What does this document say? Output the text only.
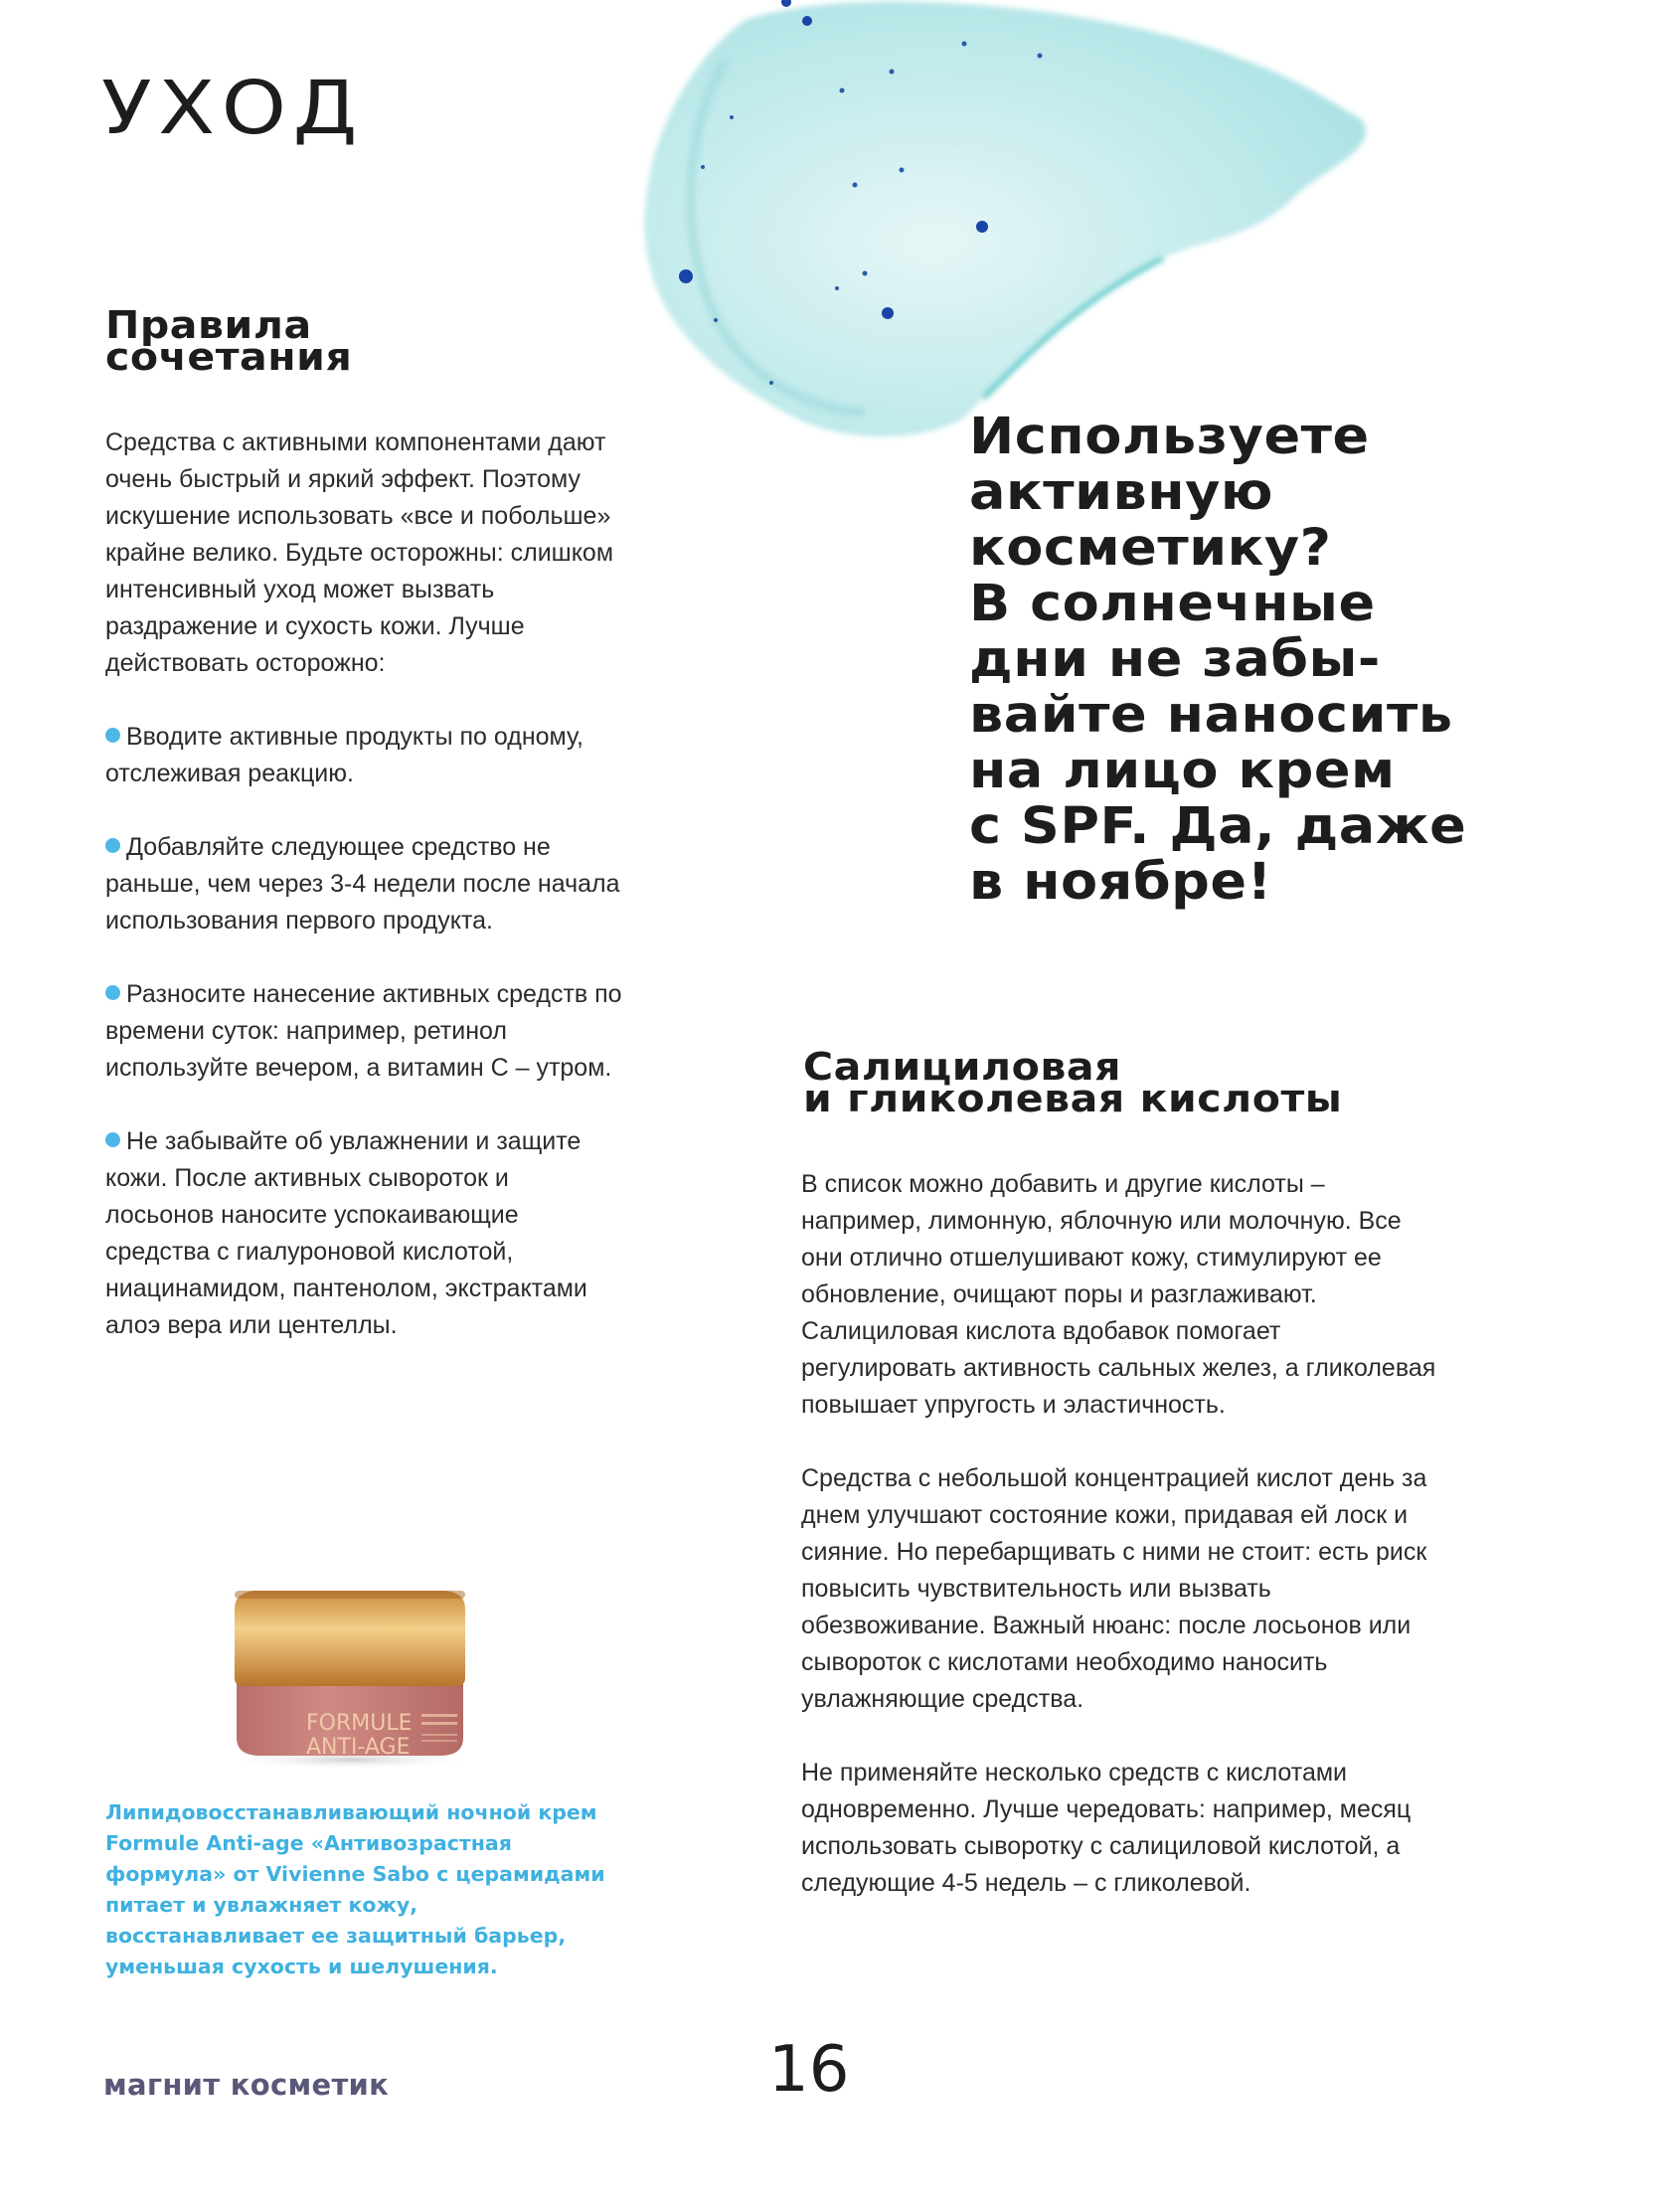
УХОД
Правила
сочетания

Средства с активными компонентами дают очень быстрый и яркий эффект. Поэтому искушение использовать «все и побольше» крайне велико. Будьте осторожны: слишком интенсивный уход может вызвать раздражение и сухость кожи. Лучше действовать осторожно:

Вводите активные продукты по одному, отслеживая реакцию.

Добавляйте следующее средство не раньше, чем через 3-4 недели после начала использования первого продукта.

Разносите нанесение активных средств по времени суток: например, ретинол используйте вечером, а витамин С – утром.

Не забывайте об увлажнении и защите кожи. После активных сывороток и лосьонов наносите успокаивающие средства с гиалуроновой кислотой, ниацинамидом, пантенолом, экстрактами алоэ вера или центеллы.

FORMULE
ANTI-AGE
Липидовосстанавливающий ночной крем Formule Anti-age «Антивозрастная формула» от Vivienne Sabo с церамидами питает и увлажняет кожу, восстанавливает ее защитный барьер, уменьшая сухость и шелушения.
Используете
активную
косметику?
В солнечные
дни не забы-
вайте наносить
на лицо крем
с SPF. Да, даже
в ноябре!
Салициловая
и гликолевая кислоты

В список можно добавить и другие кислоты – например, лимонную, яблочную или молочную. Все они отлично отшелушивают кожу, стимулируют ее обновление, очищают поры и разглаживают. Салициловая кислота вдобавок помогает регулировать активность сальных желез, а гликолевая повышает упругость и эластичность.

Средства с небольшой концентрацией кислот день за днем улучшают состояние кожи, придавая ей лоск и сияние. Но перебарщивать с ними не стоит: есть риск повысить чувствительность или вызвать обезвоживание. Важный нюанс: после лосьонов или сывороток с кислотами необходимо наносить увлажняющие средства.

Не применяйте несколько средств с кислотами одновременно. Лучше чередовать: например, месяц использовать сыворотку с салициловой кислотой, а следующие 4-5 недель – с гликолевой.

магнит косметик	16
